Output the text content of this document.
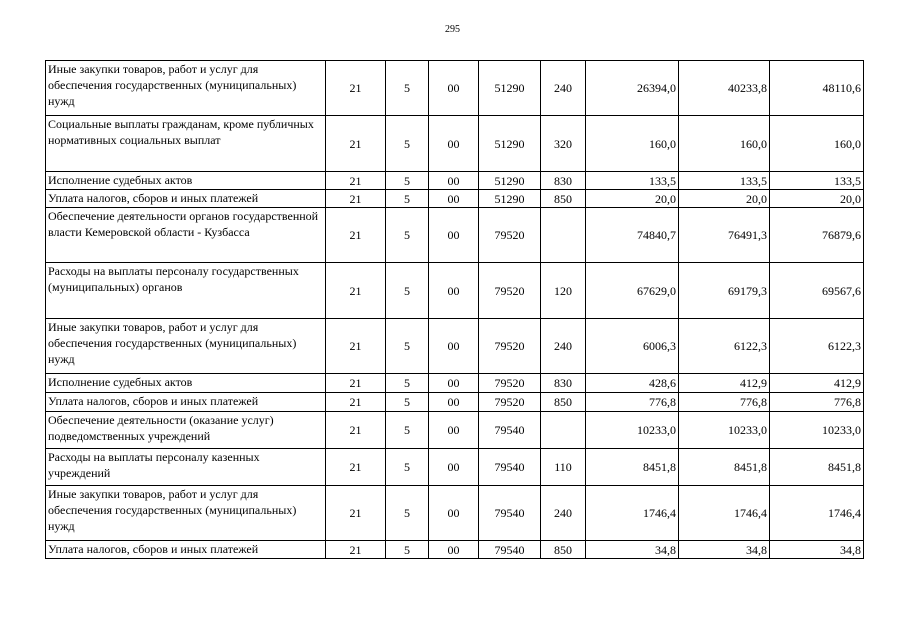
295
Иные закупки товаров, работ и услуг для обеспечения государственных (муниципальных) нужд	21	5	00	51290	240	26394,0	40233,8	48110,6
Социальные выплаты гражданам, кроме публичных нормативных социальных выплат	21	5	00	51290	320	160,0	160,0	160,0
Исполнение судебных актов	21	5	00	51290	830	133,5	133,5	133,5
Уплата налогов, сборов и иных платежей	21	5	00	51290	850	20,0	20,0	20,0
Обеспечение деятельности органов государственной власти Кемеровской области - Кузбасса	21	5	00	79520		74840,7	76491,3	76879,6
Расходы на выплаты персоналу государственных (муниципальных) органов	21	5	00	79520	120	67629,0	69179,3	69567,6
Иные закупки товаров, работ и услуг для обеспечения государственных (муниципальных) нужд	21	5	00	79520	240	6006,3	6122,3	6122,3
Исполнение судебных актов	21	5	00	79520	830	428,6	412,9	412,9
Уплата налогов, сборов и иных платежей	21	5	00	79520	850	776,8	776,8	776,8
Обеспечение деятельности (оказание услуг) подведомственных учреждений	21	5	00	79540		10233,0	10233,0	10233,0
Расходы на выплаты персоналу казенных учреждений	21	5	00	79540	110	8451,8	8451,8	8451,8
Иные закупки товаров, работ и услуг для обеспечения государственных (муниципальных) нужд	21	5	00	79540	240	1746,4	1746,4	1746,4
Уплата налогов, сборов и иных платежей	21	5	00	79540	850	34,8	34,8	34,8
